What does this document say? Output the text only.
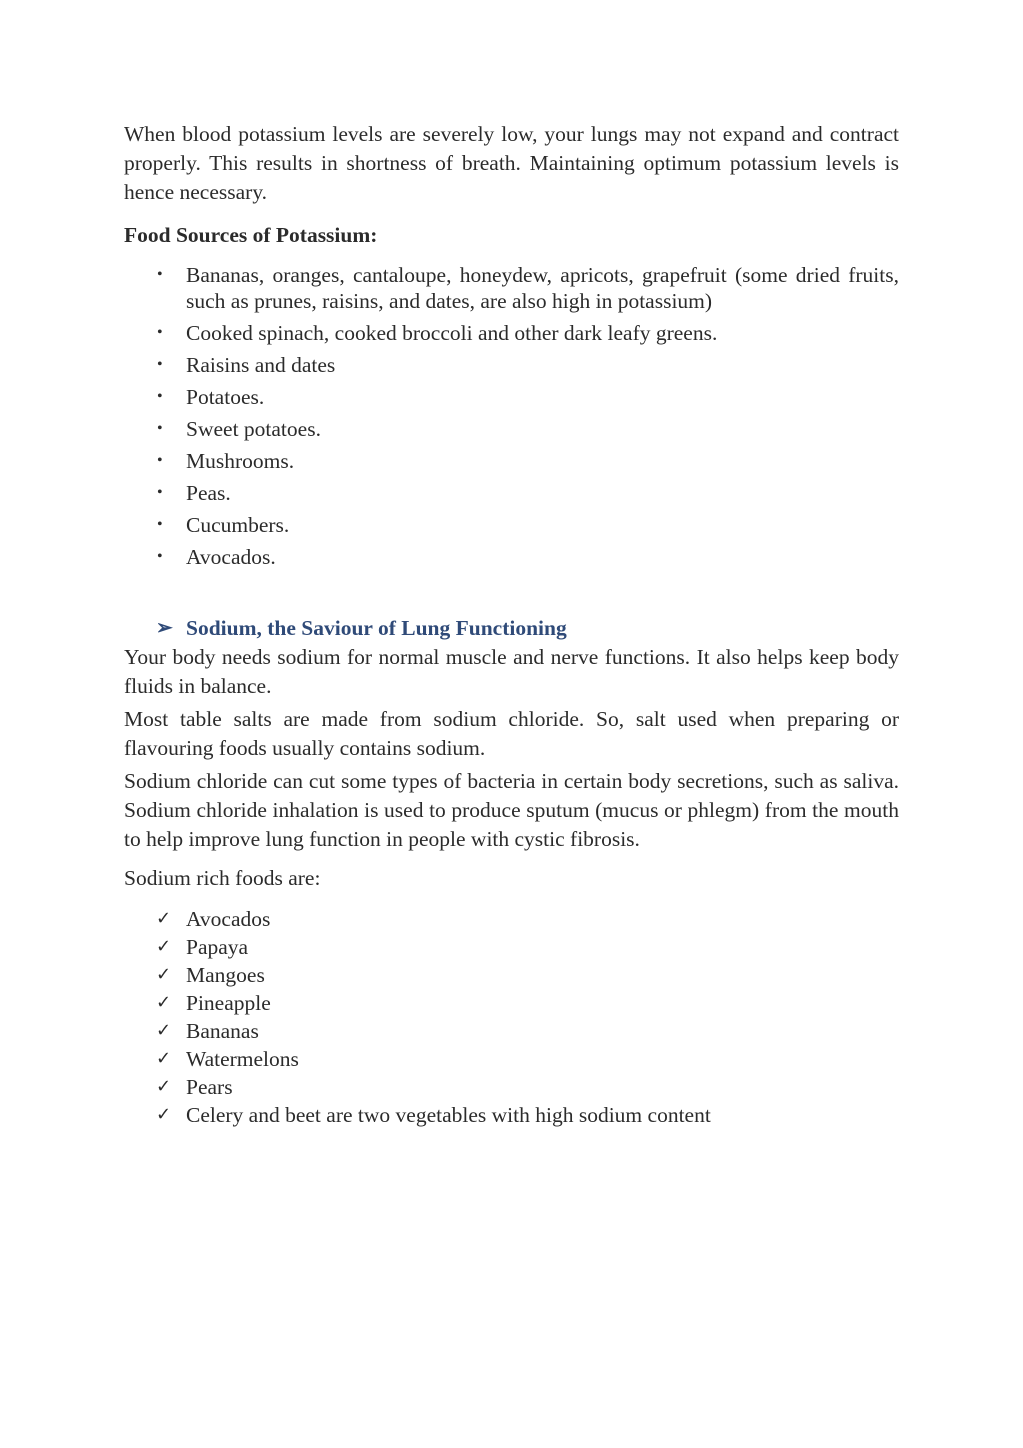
When blood potassium levels are severely low, your lungs may not expand and contract properly. This results in shortness of breath. Maintaining optimum potassium levels is hence necessary.

Food Sources of Potassium:
• Bananas, oranges, cantaloupe, honeydew, apricots, grapefruit (some dried fruits, such as prunes, raisins, and dates, are also high in potassium)
• Cooked spinach, cooked broccoli and other dark leafy greens.
• Raisins and dates
• Potatoes.
• Sweet potatoes.
• Mushrooms.
• Peas.
• Cucumbers.
• Avocados.
➢ Sodium, the Saviour of Lung Functioning

Your body needs sodium for normal muscle and nerve functions. It also helps keep body fluids in balance.

Most table salts are made from sodium chloride. So, salt used when preparing or flavouring foods usually contains sodium.

Sodium chloride can cut some types of bacteria in certain body secretions, such as saliva. Sodium chloride inhalation is used to produce sputum (mucus or phlegm) from the mouth to help improve lung function in people with cystic fibrosis.

Sodium rich foods are:

✓ Avocados
✓ Papaya
✓ Mangoes
✓ Pineapple
✓ Bananas
✓ Watermelons
✓ Pears
✓ Celery and beet are two vegetables with high sodium content
